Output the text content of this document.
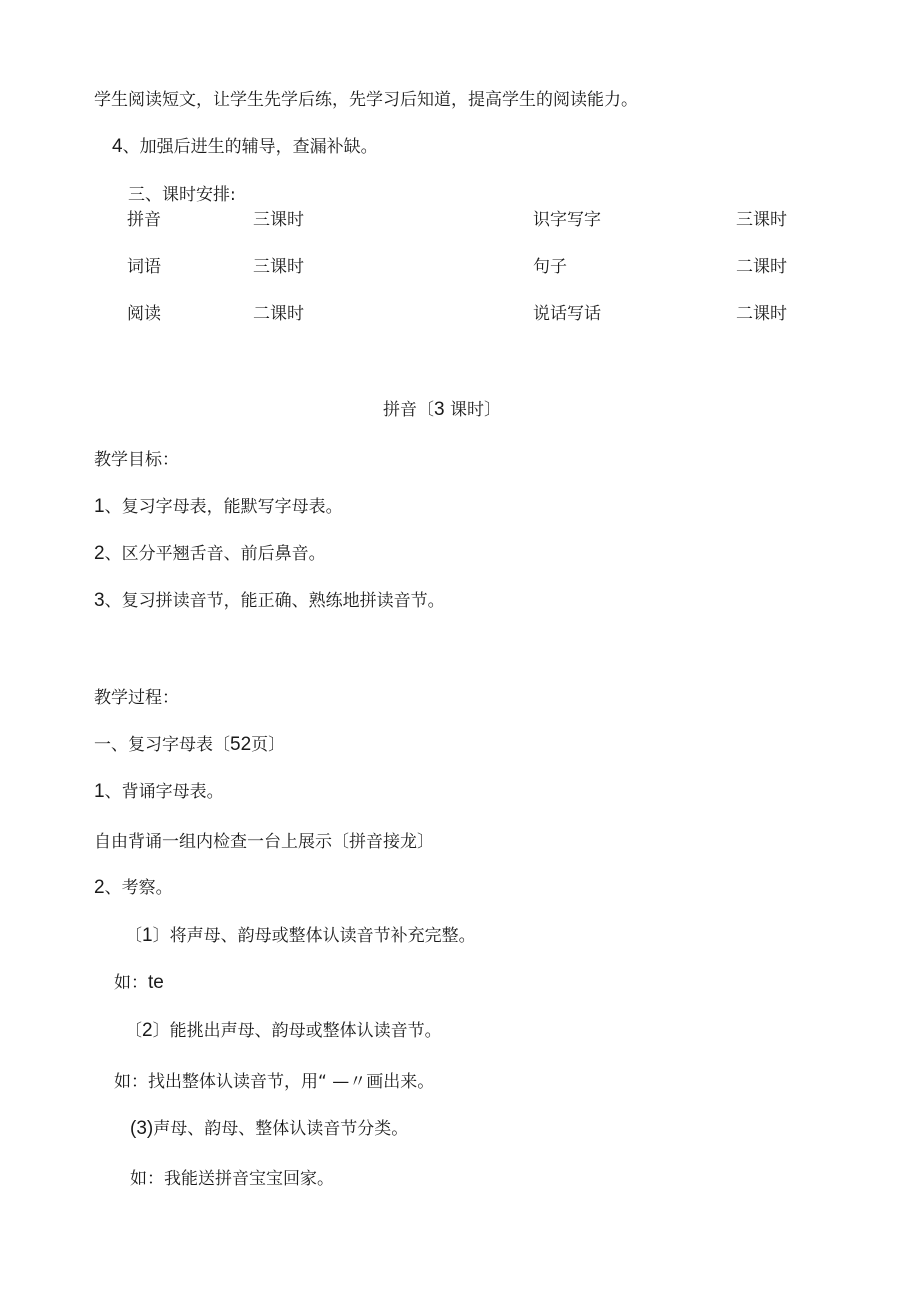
学生阅读短文，让学生先学后练，先学习后知道，提高学生的阅读能力。

4、加强后进生的辅导，查漏补缺。

三、课时安排:

拼音	三课时	识字写字	三课时

词语	三课时	句子	二课时

阅读	二课时	说话写话	二课时

拼音〔3 课时〕

教学目标：

1、复习字母表，能默写字母表。

2、区分平翘舌音、前后鼻音。

3、复习拼读音节，能正确、熟练地拼读音节。

教学过程：

一、复习字母表〔52页〕

1、背诵字母表。

自由背诵一组内检查一台上展示〔拼音接龙〕

2、考察。

〔1〕将声母、韵母或整体认读音节补充完整。

如：te

〔2〕能挑出声母、韵母或整体认读音节。

如：找出整体认读音节，用“ —〃画出来。

(3)声母、韵母、整体认读音节分类。

如：我能送拼音宝宝回家。
